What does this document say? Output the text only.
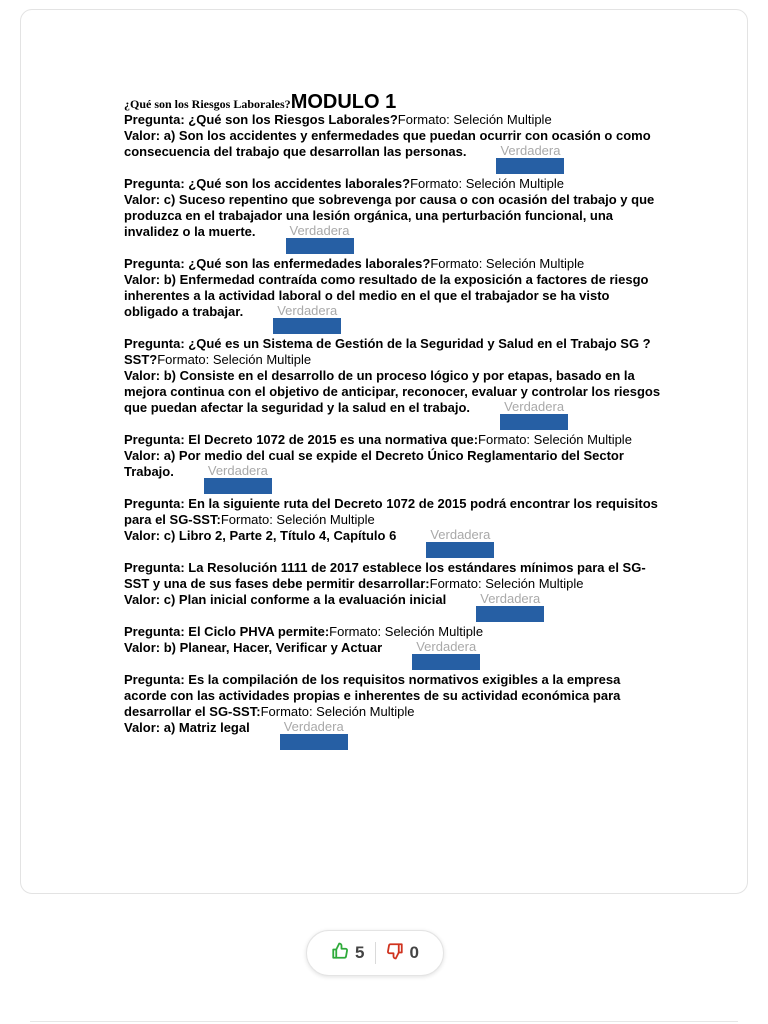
¿Qué son los Riesgos Laborales?MODULO 1
Pregunta: ¿Qué son los Riesgos Laborales?Formato: Seleción Multiple
Valor: a) Son los accidentes y enfermedades que puedan ocurrir con ocasión o como consecuencia del trabajo que desarrollan las personas.	Verdadera
Pregunta: ¿Qué son los accidentes laborales?Formato: Seleción Multiple
Valor: c) Suceso repentino que sobrevenga por causa o con ocasión del trabajo y que produzca en el trabajador una lesión orgánica, una perturbación funcional, una invalidez o la muerte.	Verdadera
Pregunta: ¿Qué son las enfermedades laborales?Formato: Seleción Multiple
Valor: b) Enfermedad contraída como resultado de la exposición a factores de riesgo inherentes a la actividad laboral o del medio en el que el trabajador se ha visto obligado a trabajar.	Verdadera
Pregunta: ¿Qué es un Sistema de Gestión de la Seguridad y Salud en el Trabajo SG ? SST?Formato: Seleción Multiple
Valor: b) Consiste en el desarrollo de un proceso lógico y por etapas, basado en la mejora continua con el objetivo de anticipar, reconocer, evaluar y controlar los riesgos que puedan afectar la seguridad y la salud en el trabajo.	Verdadera
Pregunta: El Decreto 1072 de 2015 es una normativa que:Formato: Seleción Multiple
Valor: a) Por medio del cual se expide el Decreto Único Reglamentario del Sector Trabajo.	Verdadera
Pregunta: En la siguiente ruta del Decreto 1072 de 2015 podrá encontrar los requisitos para el SG-SST:Formato: Seleción Multiple
Valor: c) Libro 2, Parte 2, Título 4, Capítulo 6	Verdadera
Pregunta: La Resolución 1111 de 2017 establece los estándares mínimos para el SG-SST y una de sus fases debe permitir desarrollar:Formato: Seleción Multiple
Valor: c) Plan inicial conforme a la evaluación inicial	Verdadera
Pregunta: El Ciclo PHVA permite:Formato: Seleción Multiple
Valor: b) Planear, Hacer, Verificar y Actuar	Verdadera
Pregunta: Es la compilación de los requisitos normativos exigibles a la empresa acorde con las actividades propias e inherentes de su actividad económica para desarrollar el SG-SST:Formato: Seleción Multiple
Valor: a) Matriz legal	Verdadera
5	0
